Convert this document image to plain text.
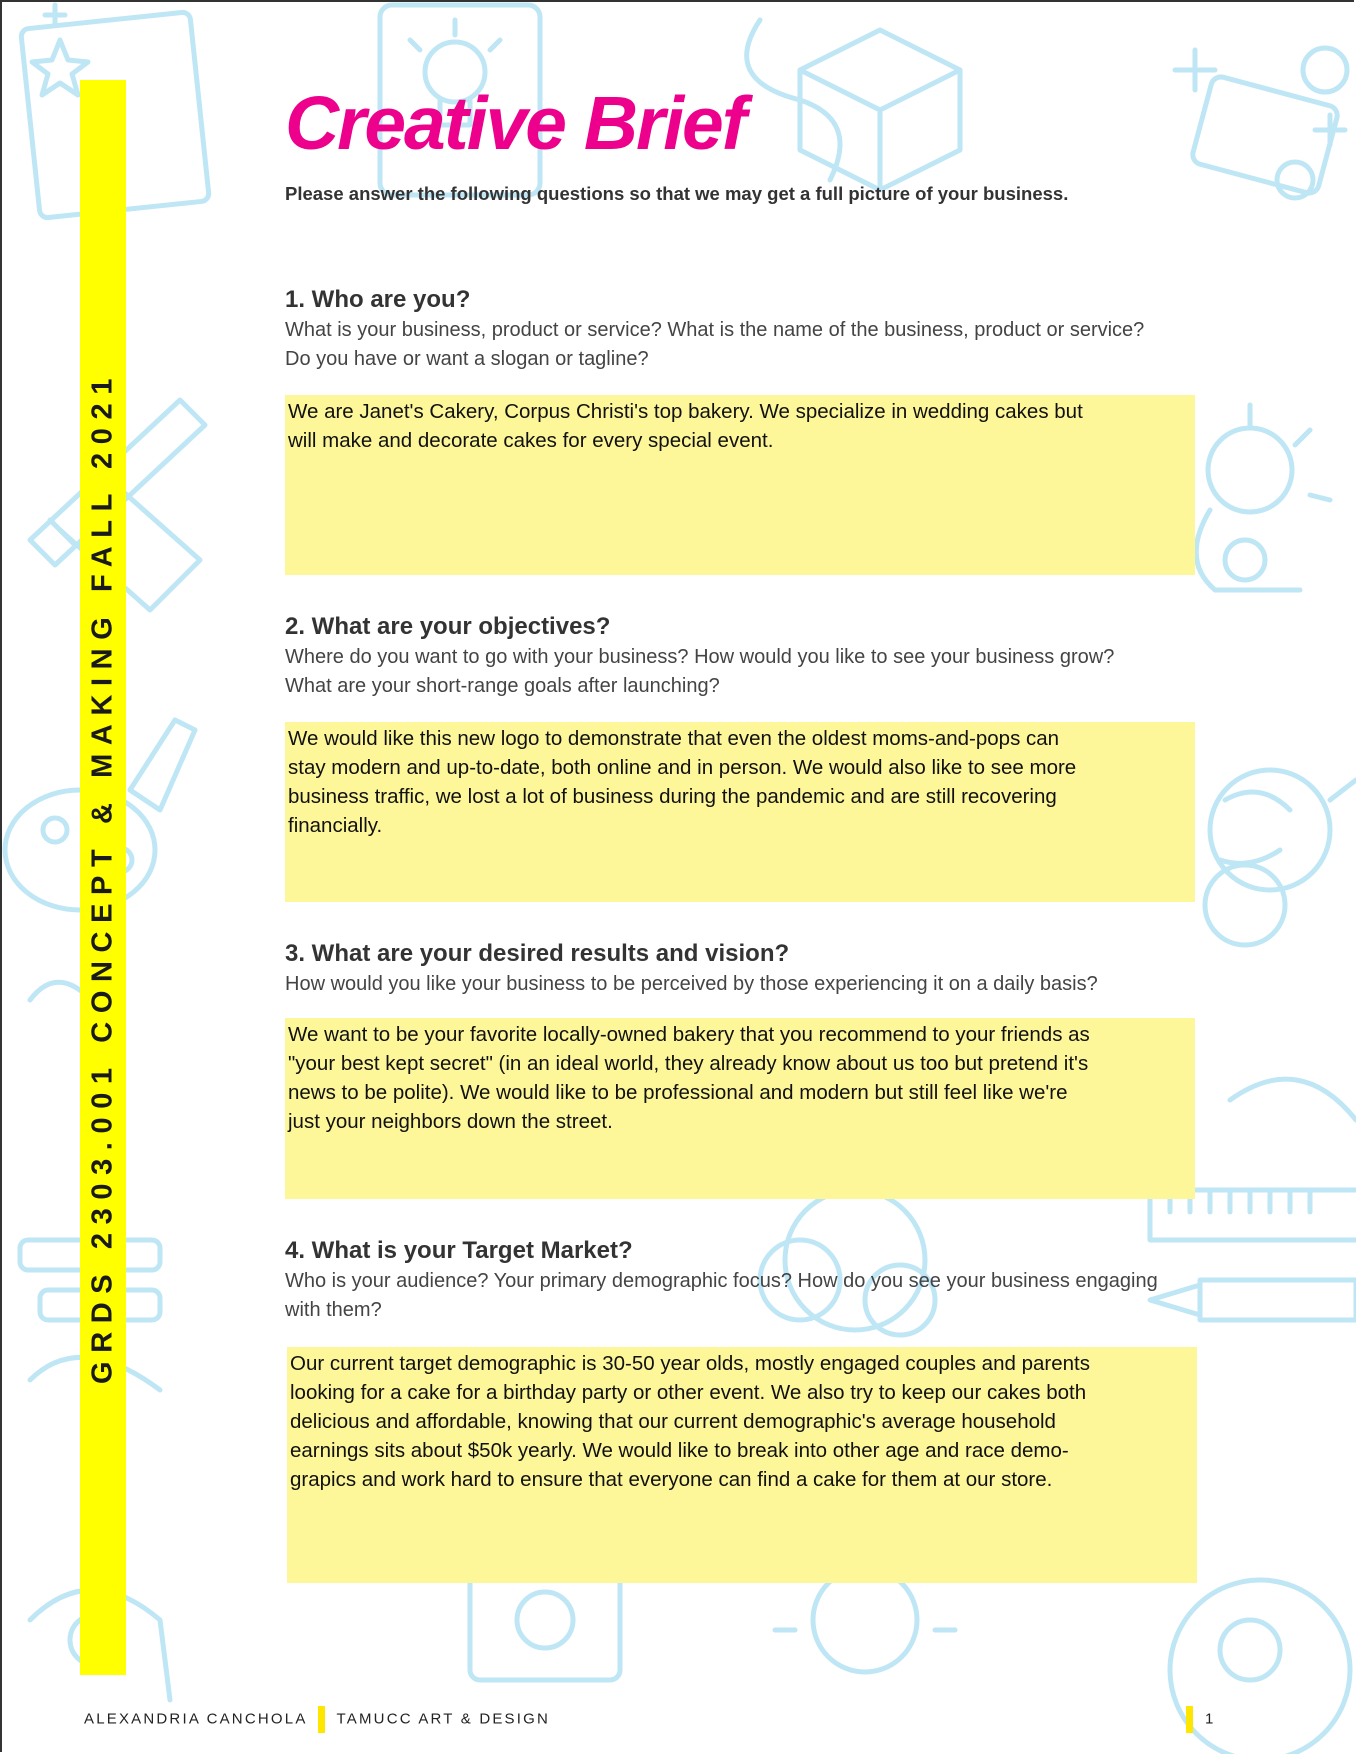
GRDS 2303.001 CONCEPT & MAKING FALL 2021
Creative Brief

Please answer the following questions so that we may get a full picture of your business.

1. Who are you?

What is your business, product or service? What is the name of the business, product or service?

Do you have or want a slogan or tagline?

We are Janet's Cakery, Corpus Christi's top bakery. We specialize in wedding cakes but

will make and decorate cakes for every special event.

2. What are your objectives?

Where do you want to go with your business? How would you like to see your business grow?

What are your short-range goals after launching?

We would like this new logo to demonstrate that even the oldest moms-and-pops can

stay modern and up-to-date, both online and in person. We would also like to see more

business traffic, we lost a lot of business during the pandemic and are still recovering

financially.

3. What are your desired results and vision?

How would you like your business to be perceived by those experiencing it on a daily basis?

We want to be your favorite locally-owned bakery that you recommend to your friends as

"your best kept secret" (in an ideal world, they already know about us too but pretend it's

news to be polite). We would like to be professional and modern but still feel like we're

just your neighbors down the street.

4. What is your Target Market?

Who is your audience? Your primary demographic focus? How do you see your business engaging

with them?

Our current target demographic is 30-50 year olds, mostly engaged couples and parents

looking for a cake for a birthday party or other event. We also try to keep our cakes both

delicious and affordable, knowing that our current demographic's average household

earnings sits about $50k yearly. We would like to break into other age and race demo-

grapics and work hard to ensure that everyone can find a cake for them at our store.

ALEXANDRIA CANCHOLA TAMUCC ART & DESIGN	1
